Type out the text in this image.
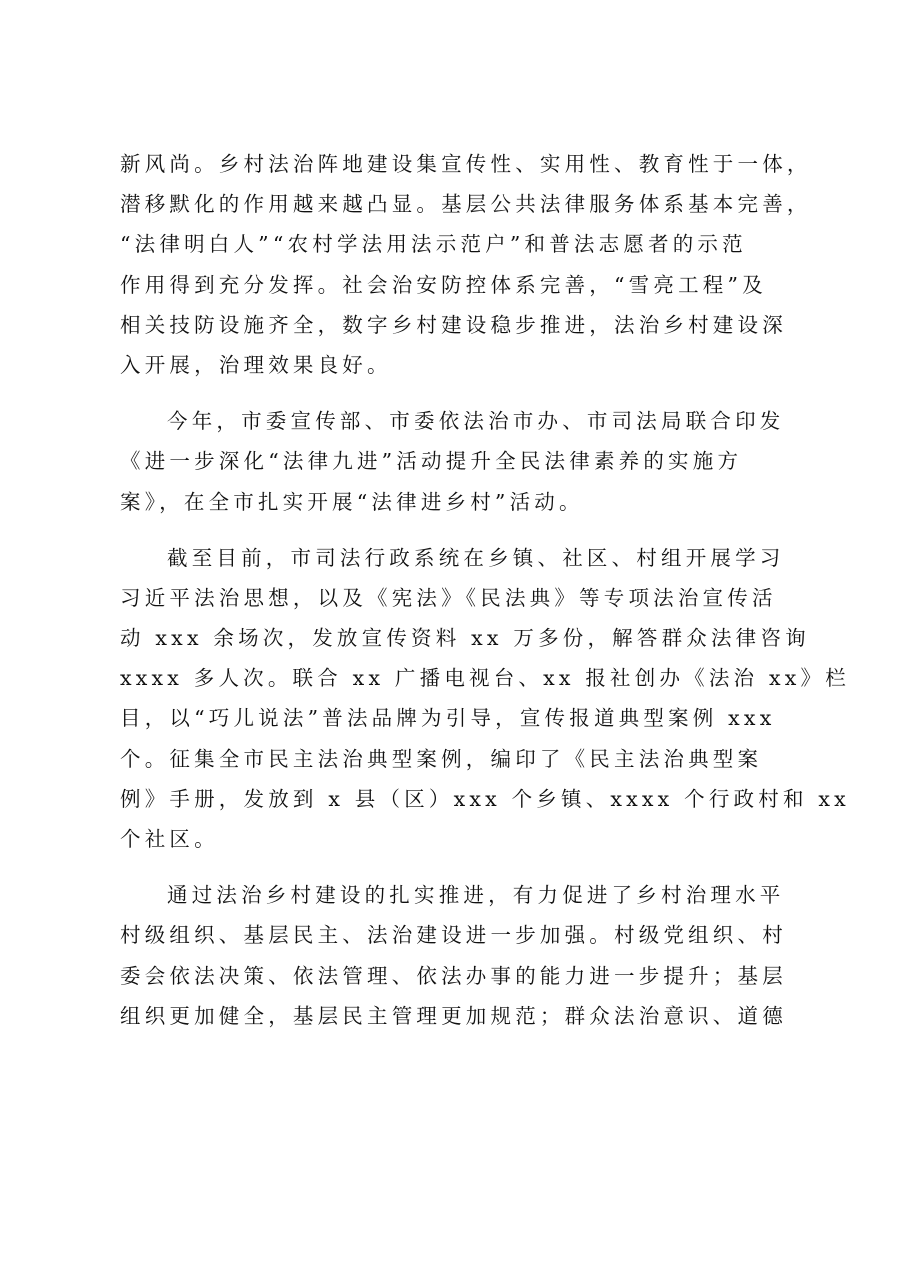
新风尚。乡村法治阵地建设集宣传性、实用性、教育性于一体，
潜移默化的作用越来越凸显。基层公共法律服务体系基本完善，
“法律明白人”“农村学法用法示范户”和普法志愿者的示范
作用得到充分发挥。社会治安防控体系完善，“雪亮工程”及
相关技防设施齐全，数字乡村建设稳步推进，法治乡村建设深
入开展，治理效果良好。
今年，市委宣传部、市委依法治市办、市司法局联合印发
《进一步深化“法律九进”活动提升全民法律素养的实施方
案》，在全市扎实开展“法律进乡村”活动。
截至目前，市司法行政系统在乡镇、社区、村组开展学习
习近平法治思想，以及《宪法》《民法典》等专项法治宣传活
动 xxx 余场次，发放宣传资料 xx 万多份，解答群众法律咨询
xxxx 多人次。联合 xx 广播电视台、xx 报社创办《法治 xx》栏
目，以“巧儿说法”普法品牌为引导，宣传报道典型案例 xxx
个。征集全市民主法治典型案例，编印了《民主法治典型案
例》手册，发放到 x 县（区）xxx 个乡镇、xxxx 个行政村和 xx
个社区。
通过法治乡村建设的扎实推进，有力促进了乡村治理水平
村级组织、基层民主、法治建设进一步加强。村级党组织、村
委会依法决策、依法管理、依法办事的能力进一步提升；基层
组织更加健全，基层民主管理更加规范；群众法治意识、道德
